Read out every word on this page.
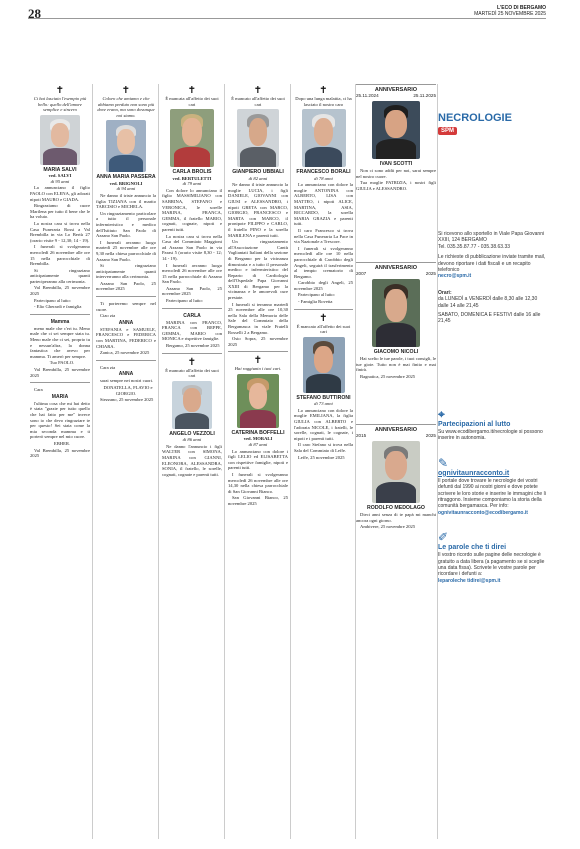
28	L'ECO DI BERGAMO
MARTEDÌ 25 NOVEMBRE 2025
✝
Ci hai lasciato l'esempio più bello: quello dell'amore semplice e sincero
MARIA SALVI
ved. SALVI
di 95 anni
La annunciano il figlio PAOLO con ELENA, gli adorati nipoti MAURO e GIADA.
Ringraziamo di cuore Marilena per tutto il bene che le ha voluto.
La nostra cara si trova nella Casa Funeraria Rossi a Val Brembilla in via Lo Bertù 27 (orario visite 9 - 12,30; 14 - 19).
I funerali si svolgeranno mercoledì 26 novembre alle ore 15 nella parrocchiale di Brembilla.
Si ringraziano anticipatamente quanti parteciperanno alla cerimonia.
Val Brembilla, 25 novembre 2025
Partecipano al lutto:
- Elio Gherardi e famiglia
Mamma
meno male che c'eri tu. Meno male che ci sei sempre stata tu. Meno male che ci sei, proprio tu e nessun'altra, la donna fantastica che avevo per mamma. Ti amerò per sempre.
Tuo PAOLO.
Val Brembilla, 25 novembre 2025
Cara
MARIA
l'ultima cosa che mi hai detto è stata "grazie per tutto quello che hai fatto per me" invece sono io che devo ringraziare te per questo! Sei stata come la mia seconda mamma e ti porterò sempre nel mio cuore.
EBHER.
Val Brembilla, 25 novembre 2025
✝
Coloro che amiamo e che abbiamo perduto non sono più dove erano, ma sono dovunque noi siamo.
ANNA MARIA PASSERA
ved. BRIGNOLI
di 94 anni
Ne danno il triste annuncio la figlia TIZIANA con il marito TARCISIO e MICHELA.
Un ringraziamento particolare a tutto il personale infermieristico e medico dell'Istituto San Paolo di Azzano San Paolo.
I funerali avranno luogo martedì 25 novembre alle ore 9,30 nella chiesa parrocchiale di Azzano San Paolo.
Si ringraziano anticipatamente quanti interverranno alla cerimonia.
Azzano San Paolo, 25 novembre 2025
Ti porteremo sempre nel cuore.
Ciao zia
ANNA
STEFANIA e SAMUELE, FRANCESCO e FEDERICA con MARTINA, FEDERICO e CHIARA.
Zanica, 25 novembre 2025
Cara zia
ANNA
sarai sempre nei nostri cuori.
DONATELLA, FLAVIO e GIORGIO.
Stezzano, 25 novembre 2025
✝
È mancata all'affetto dei suoi cari
CARLA BROLIS
ved. BERTULETTI
di 79 anni
Con dolore lo annunciano il figlio MASSIMILIANO con SABRINA, STEFANO e VERONICA, le sorelle MARINA, FRANCA, GEMMA, il fratello MARIO, cognati, cognate, nipoti e parenti tutti.
La nostra cara si trova nella Casa del Commiato Maggioni ad Azzano San Paolo in via Parasi 5 (orario visite 8,30 - 12; 14 - 19).
I funerali avranno luogo mercoledì 26 novembre alle ore 15 nella parrocchiale di Azzano San Paolo.
Azzano San Paolo, 25 novembre 2025
Partecipano al lutto:
CARLA
MARINA con FRANCO, FRANCA con BEPPE, GEMMA, MARIO con MONICA e rispettive famiglie.
Bergamo, 25 novembre 2025
✝
È mancato all'affetto dei suoi cari
ANGELO VEZZOLI
di 86 anni
Ne danno l'annuncio i figli WALTER con SIMONA, MARINA con GIANNI, ELEONORA, ALESSANDRA, SONIA, il fratello, le sorelle, cognati, cognate e parenti tutti.
✝
È mancato all'affetto dei suoi cari
GIANPIERO UBBIALI
di 82 anni
Ne danno il triste annuncio la moglie LUCIA, i figli DANIELE, GIOVANNI con GIUSI e ALESSANDRO, i nipoti GRETA con MARCO, GIORGIO, FRANCESCO e MARTA con MARCO, il pronipote FILIPPO e CARLO, il fratello PINO e la sorella MARILENA e parenti tutti.
Un ringraziamento all'Associazione Cantù Vagliantati Italiani della sezione di Bergamo per la vicinanza dimostrata e a tutto il personale medico e infermieristico del Reparto di Cardiologia dell'Ospedale Papa Giovanni XXIII di Bergamo per la vicinanza e le amorevoli cure prestate.
I funerali si terranno martedì 25 novembre alle ore 10,30 nella Sala della Memoria delle Sale del Commiato della Bergamasca in viale Fratelli Rosselli 2 a Bergamo.
Osio Sopra, 25 novembre 2025
✝
Hai raggiunto i tuoi cari.
CATERINA BOFFELLI
ved. MORALI
di 87 anni
Lo annunciano con dolore i figli LELIO ed ELISABETTA con rispettive famiglie, nipoti e parenti tutti.
I funerali si svolgeranno mercoledì 26 novembre alle ore 14,30 nella chiesa parrocchiale di San Giovanni Bianco.
San Giovanni Bianco, 25 novembre 2025
✝
Dopo una lunga malattia, ci ha lasciato il nostro caro
FRANCESCO BORALI
di 78 anni
Lo annunciano con dolore la moglie ANTONINA con ALBERTO, LISA con MATTEO, i nipoti ALICE, MARTINA, ASIA, RICCARDO, la sorella MARIA GRAZIA e parenti tutti.
Il caro Francesco si trova nella Casa Funeraria La Pace in via Nazionale a Trescore.
I funerali si svolgeranno mercoledì alle ore 10 nella parrocchiale di Carobbio degli Angeli, seguirà il trasferimento al tempio crematorio di Bergamo.
Carobbio degli Angeli, 25 novembre 2025
Partecipano al lutto:
- Famiglia Rovetta
✝
È mancato all'affetto dei suoi cari
STEFANO BUTTIRONI
di 73 anni
Lo annunciano con dolore la moglie EMILIANA, la figlia GIULIA con ALBERTO e l'adorata NICOLE, i fratelli, le sorelle, cognati, le cognate, i nipoti e i parenti tutti.
Il caro Stefano si trova nella Sala del Commiato di Leffe.
Leffe, 25 novembre 2025
ANNIVERSARIO
25.11.2024	25.11.2025
IVAN SCOTTI
Non ci sono addii per noi, sarai sempre nel nostro cuore.
Tua moglie PATRIZIA, i nostri figli GIULIA e ALESSANDRO.
ANNIVERSARIO
2007	2025
GIACOMO NICOLI
Hai scelto le tue parole, i tuoi consigli, le tue gioie. Tutto non è mai finito e mai finirà.
Bagnatica, 25 novembre 2025
ANNIVERSARIO
2015	2025
RODOLFO MEDOLAGO
Dieci anni senza di te papà mi manchi ancora ogni giorno.
Ambivere, 25 novembre 2025
NECROLOGIE
SPM
Si ricevono allo sportello in Viale Papa Giovanni XXIII, 124 BERGAMO
Tel. 035.35.87.77 - 035.38.63.33
Le richieste di pubblicazione inviate tramite mail, devono riportare i dati fiscali e un recapito telefonico
necro@spm.it
Orari:
da LUNEDÌ a VENERDÌ dalle 8,30 alle 12,30 dalle 14 alle 21,45
SABATO, DOMENICA E FESTIVI dalle 16 alle 21,45
⌖
Partecipazioni al lutto
Su www.ecodibergamo.it/necrologie si possono inserire in autonomia.
✎
ognivitaunracconto.it
Il portale dove trovare le necrologie dei vostri defunti dal 1990 ai nostri giorni e dove potete scrivere le loro storie e inserire le immagini che li ritraggono. Insieme componiamo la storia della comunità bergamasca. Per info:
ognivitaunracconto@ecodibergamo.it
✐
Le parole che ti direi
Il vostro ricordo sulle pagine delle necrologie è gratuito a data libera (a pagamento se si sceglie una data fissa). Scrivete le vostre parole per ricordare i defunti a:
leparoleche tidirei@spm.it
